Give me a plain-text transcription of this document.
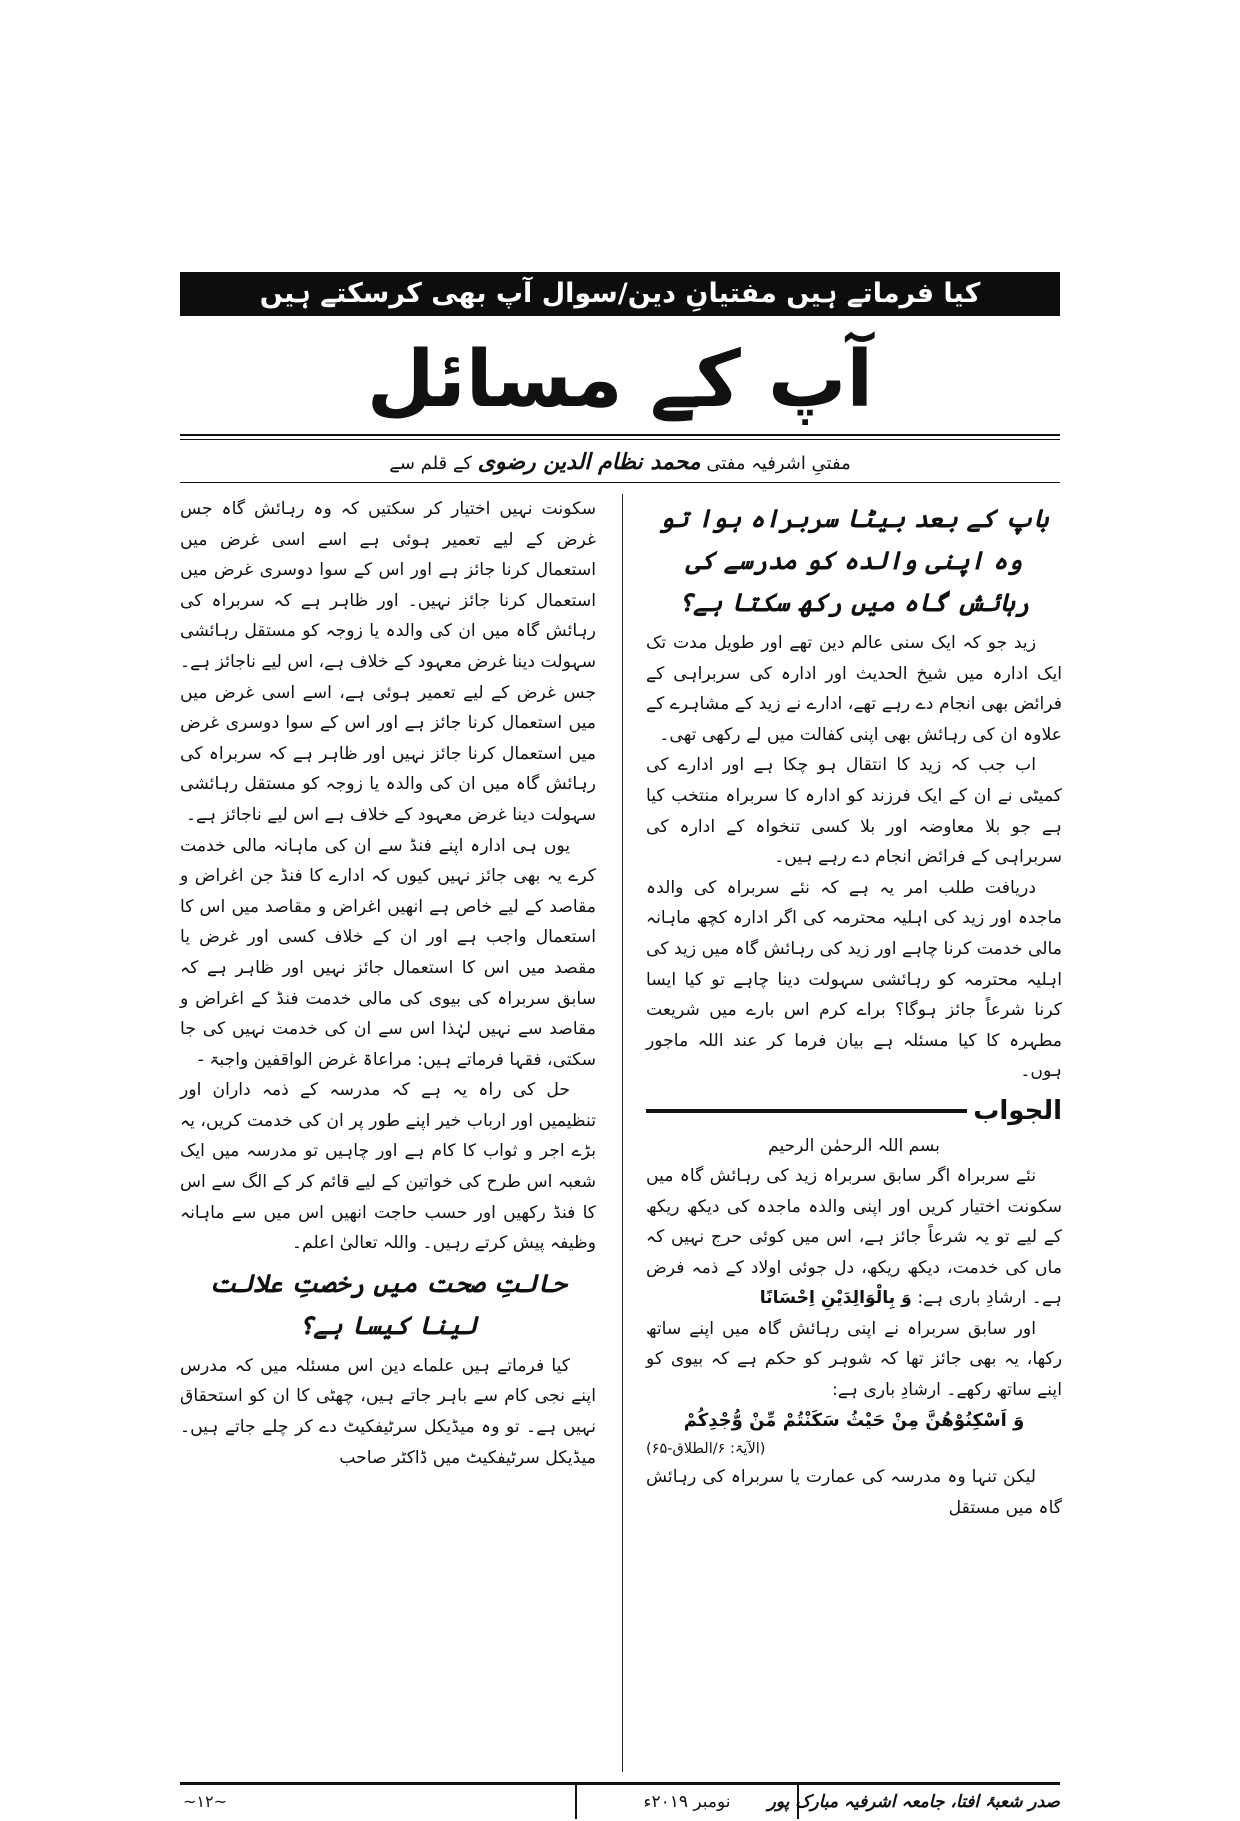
کیا فرماتے ہیں مفتیانِ دین/سوال آپ بھی کرسکتے ہیں
آپ کے مسائل
مفتیِ اشرفیہ مفتی محمد نظام الدین رضوی کے قلم سے
باپ کے بعد بیٹا سربراہ ہوا تو وہ اپنی والدہ کو مدرسے کی رہائش گاہ میں رکھ سکتا ہے؟

زید جو کہ ایک سنی عالم دین تھے اور طویل مدت تک ایک ادارہ میں شیخ الحدیث اور ادارہ کی سربراہی کے فرائض بھی انجام دے رہے تھے، ادارے نے زید کے مشاہرے کے علاوہ ان کی رہائش بھی اپنی کفالت میں لے رکھی تھی۔

اب جب کہ زید کا انتقال ہو چکا ہے اور ادارے کی کمیٹی نے ان کے ایک فرزند کو ادارہ کا سربراہ منتخب کیا ہے جو بلا معاوضہ اور بلا کسی تنخواہ کے ادارہ کی سربراہی کے فرائض انجام دے رہے ہیں۔

دریافت طلب امر یہ ہے کہ نئے سربراہ کی والدہ ماجدہ اور زید کی اہلیہ محترمہ کی اگر ادارہ کچھ ماہانہ مالی خدمت کرنا چاہے اور زید کی رہائش گاہ میں زید کی اہلیہ محترمہ کو رہائشی سہولت دینا چاہے تو کیا ایسا کرنا شرعاً جائز ہوگا؟ براے کرم اس بارے میں شریعت مطہرہ کا کیا مسئلہ ہے بیان فرما کر عند اللہ ماجور ہوں۔

الجواب
بسم اللہ الرحمٰن الرحیم

نئے سربراہ اگر سابق سربراہ زید کی رہائش گاہ میں سکونت اختیار کریں اور اپنی والدہ ماجدہ کی دیکھ ریکھ کے لیے تو یہ شرعاً جائز ہے، اس میں کوئی حرج نہیں کہ ماں کی خدمت، دیکھ ریکھ، دل جوئی اولاد کے ذمہ فرض ہے۔ ارشادِ باری ہے: وَ بِالْوَالِدَيْنِ اِحْسَانًا

اور سابق سربراہ نے اپنی رہائش گاہ میں اپنے ساتھ رکھا، یہ بھی جائز تھا کہ شوہر کو حکم ہے کہ بیوی کو اپنے ساتھ رکھے۔ ارشادِ باری ہے:

وَ اَسْكِنُوْهُنَّ مِنْ حَيْثُ سَكَنْتُمْ مِّنْ وُّجْدِكُمْ
(الآیۃ: ۶/الطلاق-۶۵)

لیکن تنہا وہ مدرسہ کی عمارت یا سربراہ کی رہائش گاہ میں مستقل

سکونت نہیں اختیار کر سکتیں کہ وہ رہائش گاہ جس غرض کے لیے تعمیر ہوئی ہے اسے اسی غرض میں استعمال کرنا جائز ہے اور اس کے سوا دوسری غرض میں استعمال کرنا جائز نہیں۔ اور ظاہر ہے کہ سربراہ کی رہائش گاہ میں ان کی والدہ یا زوجہ کو مستقل رہائشی سہولت دینا غرض معہود کے خلاف ہے، اس لیے ناجائز ہے۔ جس غرض کے لیے تعمیر ہوئی ہے، اسے اسی غرض میں میں استعمال کرنا جائز ہے اور اس کے سوا دوسری غرض میں استعمال کرنا جائز نہیں اور ظاہر ہے کہ سربراہ کی رہائش گاہ میں ان کی والدہ یا زوجہ کو مستقل رہائشی سہولت دینا غرض معہود کے خلاف ہے اس لیے ناجائز ہے۔

یوں ہی ادارہ اپنے فنڈ سے ان کی ماہانہ مالی خدمت کرے یہ بھی جائز نہیں کیوں کہ ادارے کا فنڈ جن اغراض و مقاصد کے لیے خاص ہے انھیں اغراض و مقاصد میں اس کا استعمال واجب ہے اور ان کے خلاف کسی اور غرض یا مقصد میں اس کا استعمال جائز نہیں اور ظاہر ہے کہ سابق سربراہ کی بیوی کی مالی خدمت فنڈ کے اغراض و مقاصد سے نہیں لہٰذا اس سے ان کی خدمت نہیں کی جا سکتی، فقہا فرماتے ہیں: مراعاۃ غرض الواقفین واجبۃ -

حل کی راہ یہ ہے کہ مدرسہ کے ذمہ داران اور تنظیمیں اور ارباب خیر اپنے طور پر ان کی خدمت کریں، یہ بڑے اجر و ثواب کا کام ہے اور چاہیں تو مدرسہ میں ایک شعبہ اس طرح کی خواتین کے لیے قائم کر کے الگ سے اس کا فنڈ رکھیں اور حسب حاجت انھیں اس میں سے ماہانہ وظیفہ پیش کرتے رہیں۔ واللہ تعالیٰ اعلم۔

حالتِ صحت میں رخصتِ علالت لینا کیسا ہے؟

کیا فرماتے ہیں علماے دین اس مسئلہ میں کہ مدرس اپنے نجی کام سے باہر جاتے ہیں، چھٹی کا ان کو استحقاق نہیں ہے۔ تو وہ میڈیکل سرٹیفکیٹ دے کر چلے جاتے ہیں۔ میڈیکل سرٹیفکیٹ میں ڈاکٹر صاحب

صدر شعبۂ افتا، جامعہ اشرفیہ مبارک پور
نومبر ۲۰۱۹ء
~۱۲~
